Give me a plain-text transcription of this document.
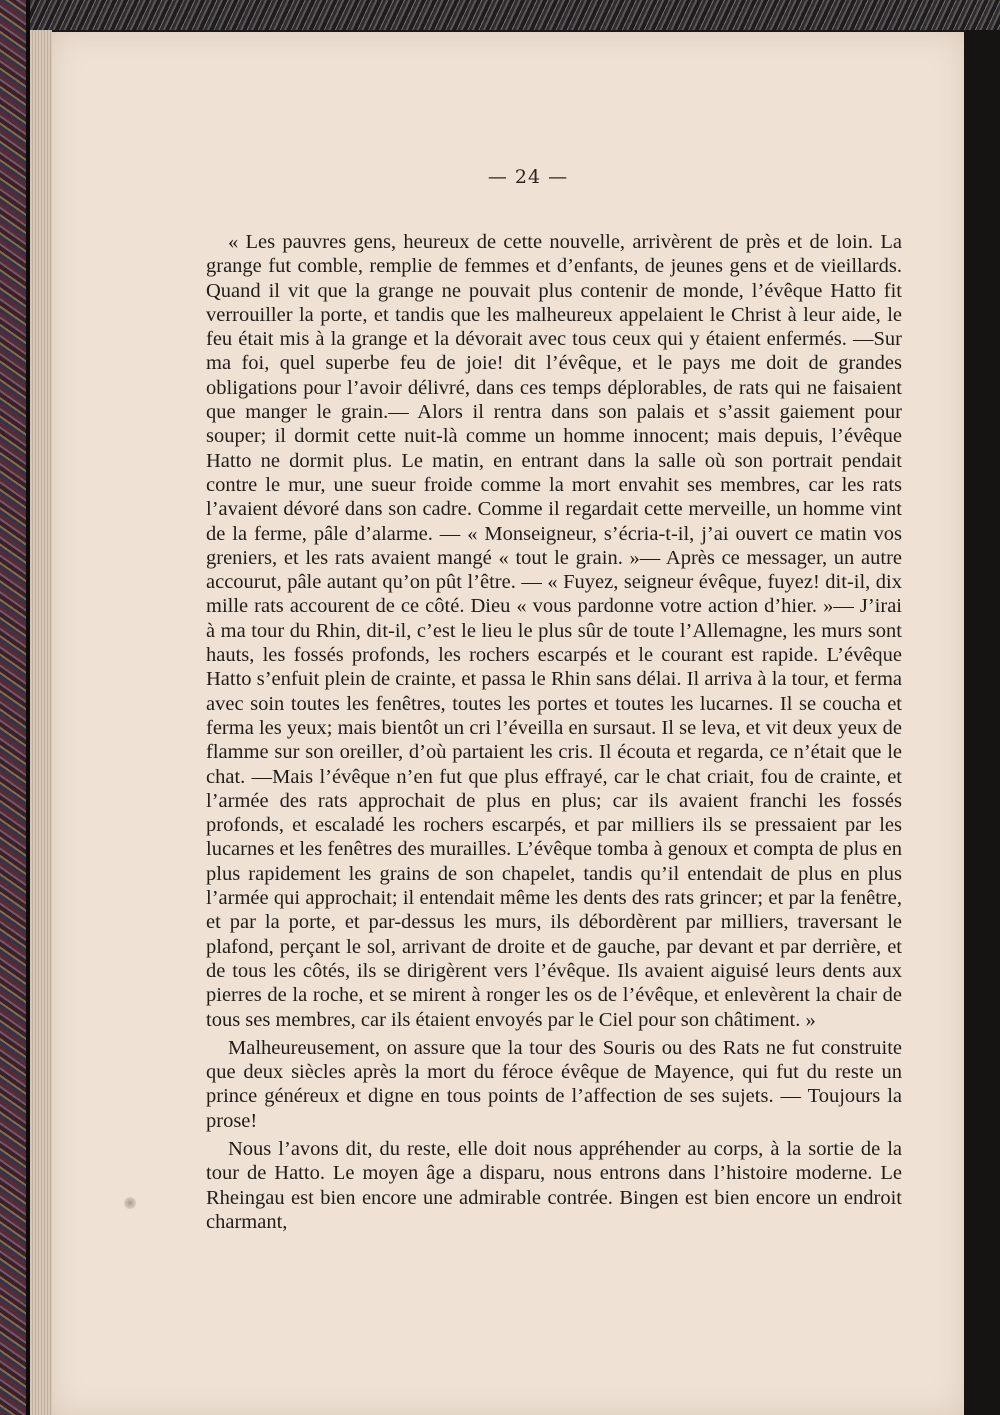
— 24 —

« Les pauvres gens, heureux de cette nouvelle, arrivèrent de près et de loin. La grange fut comble, remplie de femmes et d’enfants, de jeunes gens et de vieillards. Quand il vit que la grange ne pouvait plus contenir de monde, l’évêque Hatto fit verrouiller la porte, et tandis que les malheureux appelaient le Christ à leur aide, le feu était mis à la grange et la dévorait avec tous ceux qui y étaient enfermés. —Sur ma foi, quel superbe feu de joie! dit l’évêque, et le pays me doit de grandes obligations pour l’avoir délivré, dans ces temps déplorables, de rats qui ne faisaient que manger le grain.— Alors il rentra dans son palais et s’assit gaiement pour souper; il dormit cette nuit-là comme un homme innocent; mais depuis, l’évêque Hatto ne dormit plus. Le matin, en entrant dans la salle où son portrait pendait contre le mur, une sueur froide comme la mort envahit ses membres, car les rats l’avaient dévoré dans son cadre. Comme il regardait cette merveille, un homme vint de la ferme, pâle d’alarme. — « Monseigneur, s’écria-t-il, j’ai ouvert ce matin vos greniers, et les rats avaient mangé « tout le grain. »— Après ce messager, un autre accourut, pâle autant qu’on pût l’être. — « Fuyez, seigneur évêque, fuyez! dit-il, dix mille rats accourent de ce côté. Dieu « vous pardonne votre action d’hier. »— J’irai à ma tour du Rhin, dit-il, c’est le lieu le plus sûr de toute l’Allemagne, les murs sont hauts, les fossés profonds, les rochers escarpés et le courant est rapide. L’évêque Hatto s’enfuit plein de crainte, et passa le Rhin sans délai. Il arriva à la tour, et ferma avec soin toutes les fenêtres, toutes les portes et toutes les lucarnes. Il se coucha et ferma les yeux; mais bientôt un cri l’éveilla en sursaut. Il se leva, et vit deux yeux de flamme sur son oreiller, d’où partaient les cris. Il écouta et regarda, ce n’était que le chat. —Mais l’évêque n’en fut que plus effrayé, car le chat criait, fou de crainte, et l’armée des rats approchait de plus en plus; car ils avaient franchi les fossés profonds, et escaladé les rochers escarpés, et par milliers ils se pressaient par les lucarnes et les fenêtres des murailles. L’évêque tomba à genoux et compta de plus en plus rapidement les grains de son chapelet, tandis qu’il entendait de plus en plus l’armée qui approchait; il entendait même les dents des rats grincer; et par la fenêtre, et par la porte, et par-dessus les murs, ils débordèrent par milliers, traversant le plafond, perçant le sol, arrivant de droite et de gauche, par devant et par derrière, et de tous les côtés, ils se dirigèrent vers l’évêque. Ils avaient aiguisé leurs dents aux pierres de la roche, et se mirent à ronger les os de l’évêque, et enlevèrent la chair de tous ses membres, car ils étaient envoyés par le Ciel pour son châtiment. »

Malheureusement, on assure que la tour des Souris ou des Rats ne fut construite que deux siècles après la mort du féroce évêque de Mayence, qui fut du reste un prince généreux et digne en tous points de l’affection de ses sujets. — Toujours la prose!

Nous l’avons dit, du reste, elle doit nous appréhender au corps, à la sortie de la tour de Hatto. Le moyen âge a disparu, nous entrons dans l’histoire moderne. Le Rheingau est bien encore une admirable contrée. Bingen est bien encore un endroit charmant,
